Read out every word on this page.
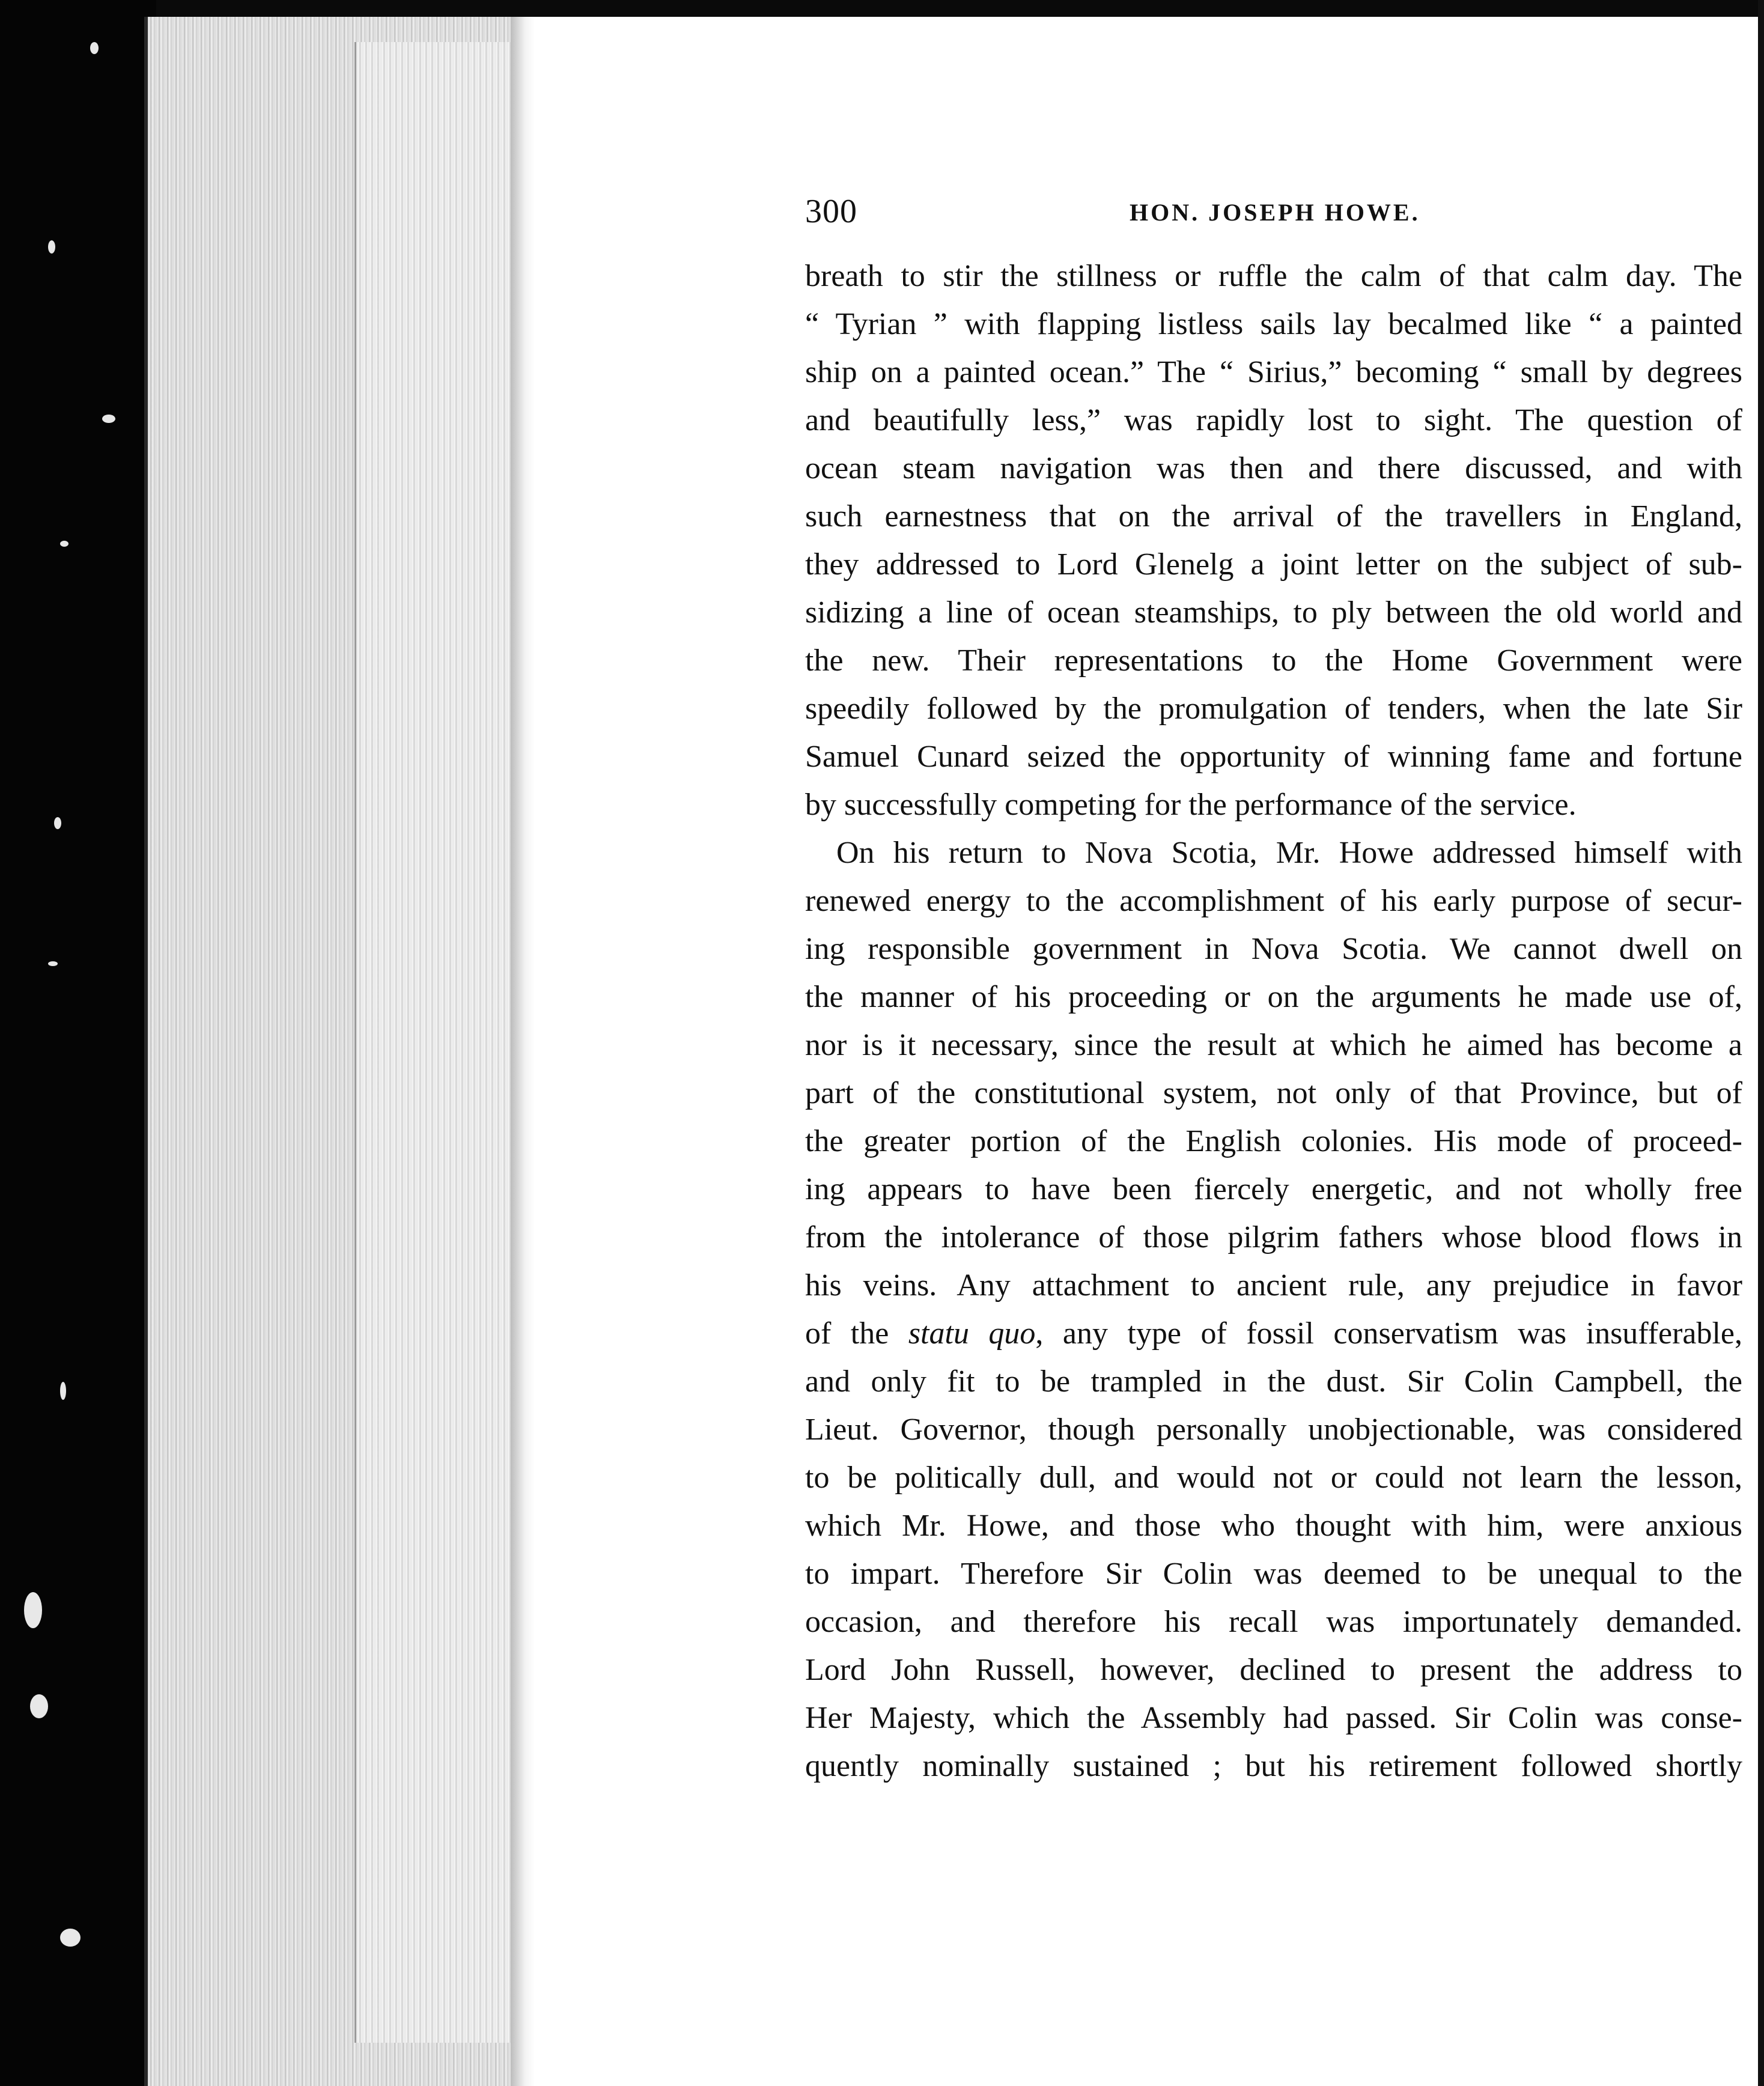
300	HON. JOSEPH HOWE.
breath to stir the stillness or ruffle the calm of that calm day. The
“ Tyrian ” with flapping listless sails lay becalmed like “ a painted
ship on a painted ocean.” The “ Sirius,” becoming “ small by degrees
and beautifully less,” was rapidly lost to sight. The question of
ocean steam navigation was then and there discussed, and with
such earnestness that on the arrival of the travellers in England,
they addressed to Lord Glenelg a joint letter on the subject of sub-
sidizing a line of ocean steamships, to ply between the old world and
the new. Their representations to the Home Government were
speedily followed by the promulgation of tenders, when the late Sir
Samuel Cunard seized the opportunity of winning fame and fortune
by successfully competing for the performance of the service.
On his return to Nova Scotia, Mr. Howe addressed himself with
renewed energy to the accomplishment of his early purpose of secur-
ing responsible government in Nova Scotia. We cannot dwell on
the manner of his proceeding or on the arguments he made use of,
nor is it necessary, since the result at which he aimed has become a
part of the constitutional system, not only of that Province, but of
the greater portion of the English colonies. His mode of proceed-
ing appears to have been fiercely energetic, and not wholly free
from the intolerance of those pilgrim fathers whose blood flows in
his veins. Any attachment to ancient rule, any prejudice in favor
of the statu quo, any type of fossil conservatism was insufferable,
and only fit to be trampled in the dust. Sir Colin Campbell, the
Lieut. Governor, though personally unobjectionable, was considered
to be politically dull, and would not or could not learn the lesson,
which Mr. Howe, and those who thought with him, were anxious
to impart. Therefore Sir Colin was deemed to be unequal to the
occasion, and therefore his recall was importunately demanded.
Lord John Russell, however, declined to present the address to
Her Majesty, which the Assembly had passed. Sir Colin was conse-
quently nominally sustained ; but his retirement followed shortly
